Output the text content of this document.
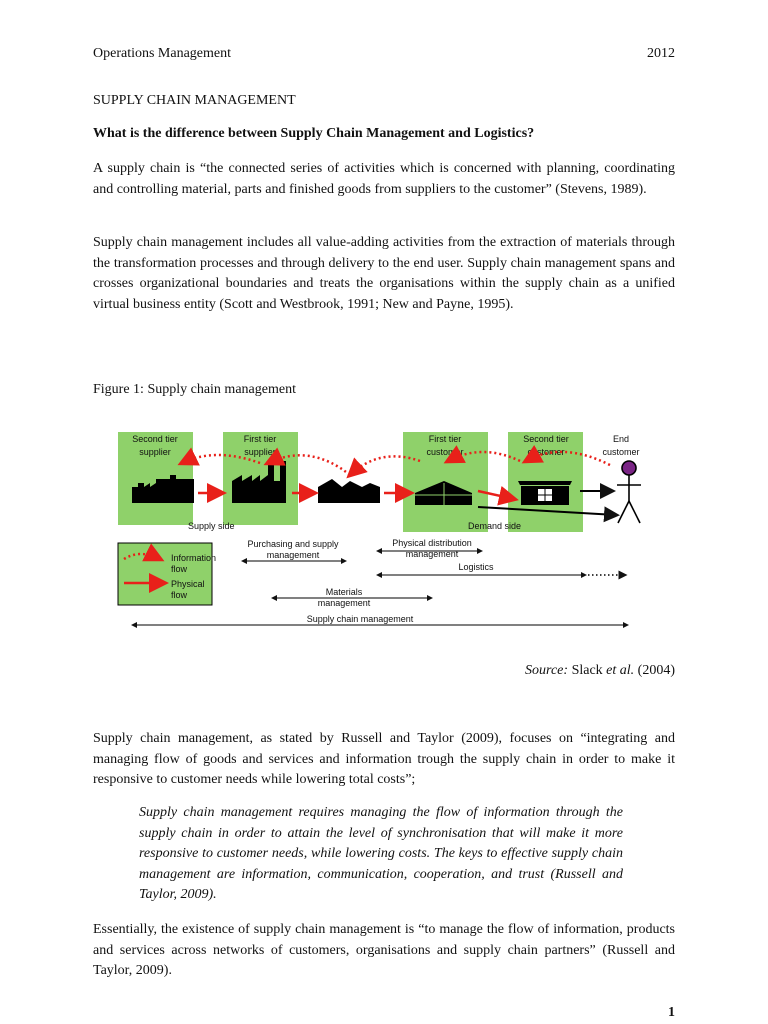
Operations Management	2012
SUPPLY CHAIN MANAGEMENT
What is the difference between Supply Chain Management and Logistics?
A supply chain is “the connected series of activities which is concerned with planning, coordinating and controlling material, parts and finished goods from suppliers to the customer” (Stevens, 1989).
Supply chain management includes all value-adding activities from the extraction of materials through the transformation processes and through delivery to the end user. Supply chain management spans and crosses organizational boundaries and treats the organisations within the supply chain as a unified virtual business entity (Scott and Westbrook, 1991; New and Payne, 1995).
Figure 1: Supply chain management
Second tier
supplier
First tier
supplier
First tier
customer
Second tier
customer
End
customer
Supply side	Demand side
Information
flow
Physical
flow
Purchasing and supply
management
Physical distribution
management
Logistics
Materials
management
Supply chain management
Source: Slack et al. (2004)
Supply chain management, as stated by Russell and Taylor (2009), focuses on “integrating and managing flow of goods and services and information trough the supply chain in order to make it responsive to customer needs while lowering total costs”;
Supply chain management requires managing the flow of information through the supply chain in order to attain the level of synchronisation that will make it more responsive to customer needs, while lowering costs. The keys to effective supply chain management are information, communication, cooperation, and trust (Russell and Taylor, 2009).
Essentially, the existence of supply chain management is “to manage the flow of information, products and services across networks of customers, organisations and supply chain partners” (Russell and Taylor, 2009).
1
